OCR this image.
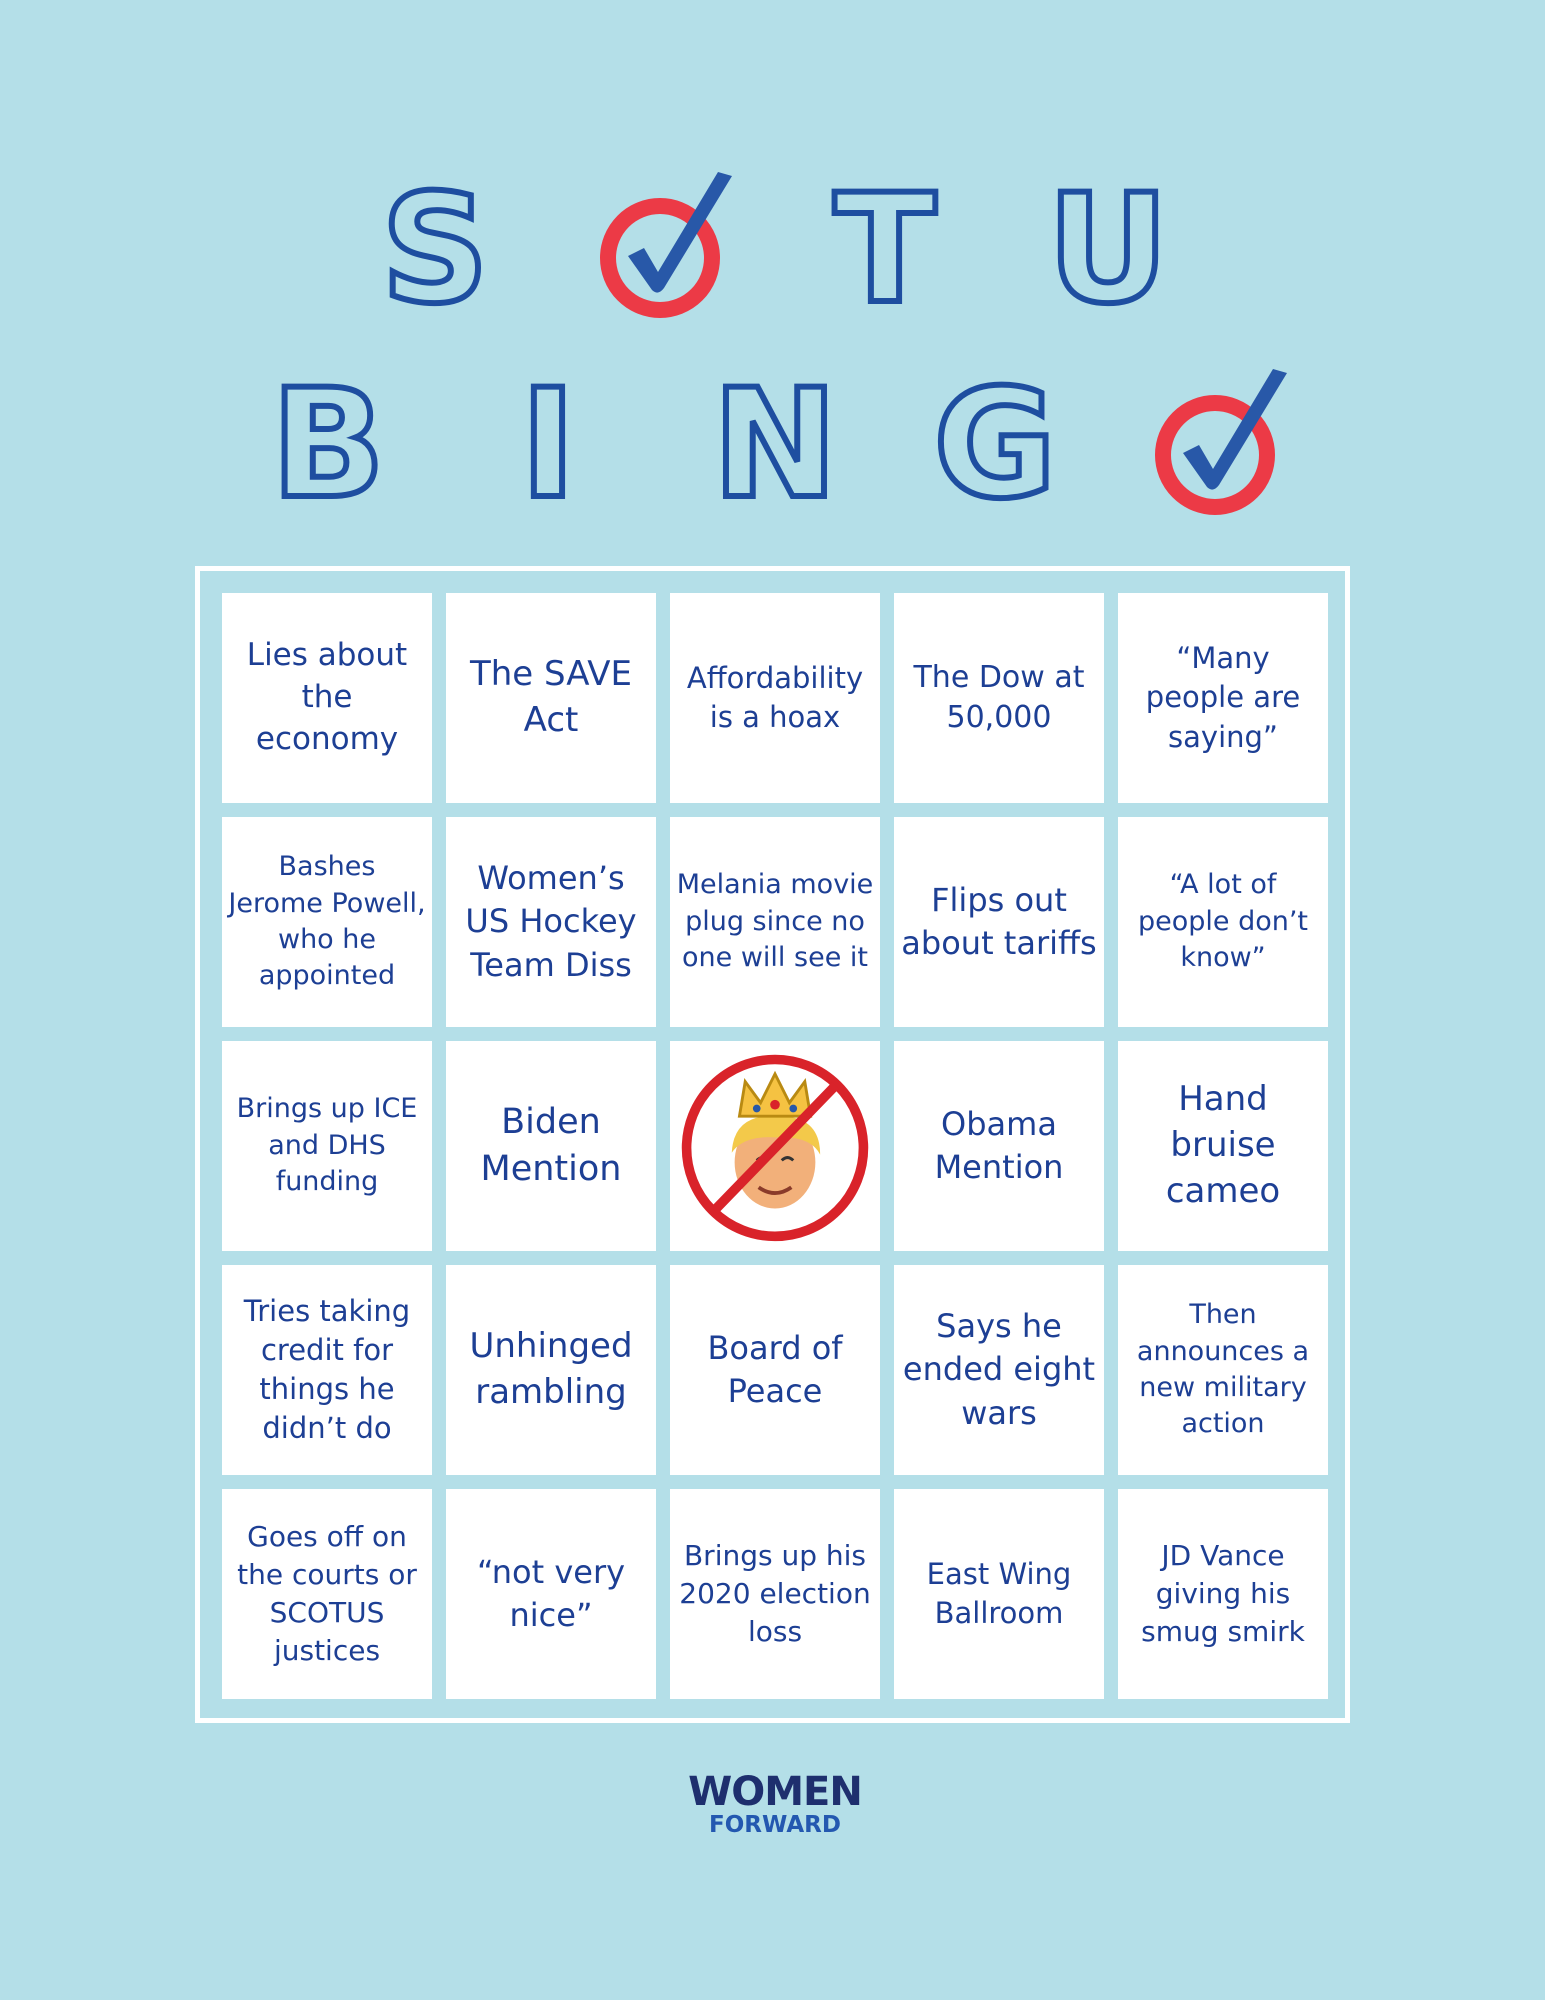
S T U
B I N G
Lies about the economy
The SAVE Act
Affordability is a hoax
The Dow at 50,000
“Many people are saying”
Bashes Jerome Powell, who he appointed
Women’s US Hockey Team Diss
Melania movie plug since no one will see it
Flips out about tariffs
“A lot of people don’t know”
Brings up ICE and DHS funding
Biden Mention
Obama Mention
Hand bruise cameo
Tries taking credit for things he didn’t do
Unhinged rambling
Board of Peace
Says he ended eight wars
Then announces a new military action
Goes off on the courts or SCOTUS justices
“not very nice”
Brings up his 2020 election loss
East Wing Ballroom
JD Vance giving his smug smirk
WOMEN
FORWARD
